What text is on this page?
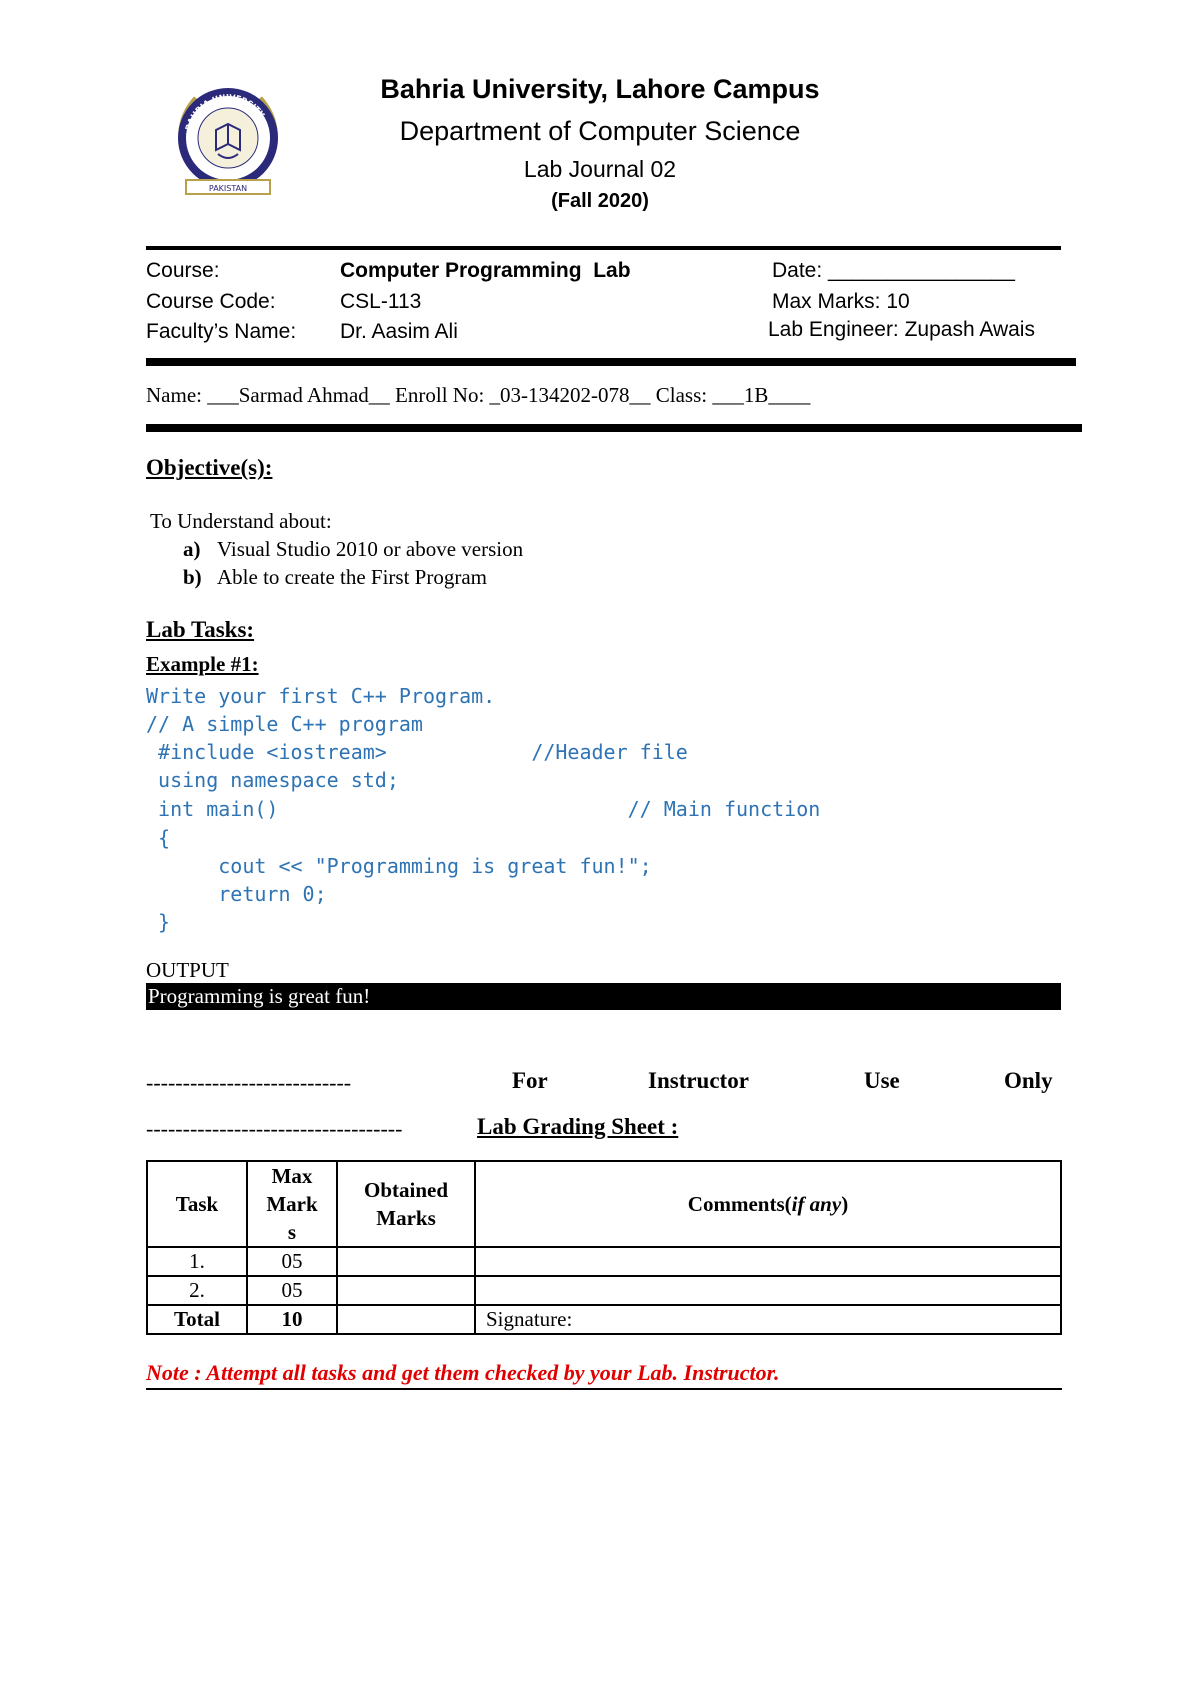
BAHRIA UNIVERSITY
PAKISTAN
Bahria University, Lahore Campus
Department of Computer Science
Lab Journal 02
(Fall 2020)
Course:	Computer Programming  Lab	Date: ________________
Course Code:	CSL-113	Max Marks: 10
Faculty’s Name: Dr. Aasim Ali	Lab Engineer: Zupash Awais
Name: ___Sarmad Ahmad__ Enroll No: _03-134202-078__ Class: ___1B____
Objective(s):
To Understand about:
a) Visual Studio 2010 or above version
b) Able to create the First Program
Lab Tasks:
Example #1:
Write your first C++ Program.
// A simple C++ program
#include <iostream>            //Header file
using namespace std;
int main()                             // Main function
{
cout << "Programming is great fun!";
return 0;
}
OUTPUT
Programming is great fun!
----------------------------	For	Instructor	Use	Only
-----------------------------------	Lab Grading Sheet :
Task	Max Mark s	Obtained Marks	Comments(if any)
1.	05		
2.	05		
Total	10		Signature:
Note : Attempt all tasks and get them checked by your Lab. Instructor.
